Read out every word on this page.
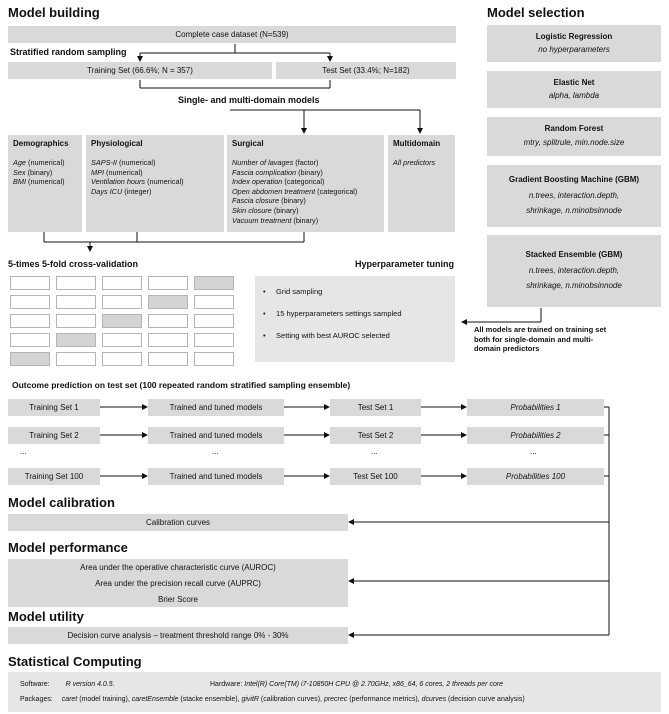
Model building
Complete case dataset (N=539)
Stratified random sampling
Training Set (66.6%; N = 357)	Test Set (33.4%; N=182)
Single- and multi-domain models
Demographics
Age (numerical)
Sex (binary)
BMI (numerical)
Physiological
SAPS-II (numerical)
MPI (numerical)
Ventilation hours (numerical)
Days ICU (integer)
Surgical
Number of lavages (factor)
Fascia complication (binary)
Index operation (categorical)
Open abdomen treatment (categorical)
Fascia closure (binary)
Skin closure (binary)
Vacuum treatment (binary)
Multidomain
All predictors
5-times 5-fold cross-validation	Hyperparameter tuning
•     Grid sampling
•     15 hyperparameters settings sampled
•     Setting with best AUROC selected
All models are trained on training set
both for single-domain and multi-
domain predictors
Model selection
Logistic Regression
no hyperparameters
Elastic Net
alpha, lambda
Random Forest
mtry, splitrule, min.node.size
Gradient Boosting Machine (GBM)
n.trees, interaction.depth,
shrinkage, n.minobsinnode
Stacked Ensemble (GBM)
n.trees, interaction.depth,
shrinkage, n.minobsinnode
Outcome prediction on test set (100 repeated random stratified sampling ensemble)
Training Set 1	Trained and tuned models	Test Set 1	Probabilities 1
Training Set 2	Trained and tuned models	Test Set 2	Probabilities 2
...	...	...	...
Training Set 100	Trained and tuned models	Test Set 100	Probabilities 100
Model calibration
Calibration curves
Model performance
Area under the operative characteristic curve (AUROC)
Area under the precision recall curve (AUPRC)
Brier Score
Model utility
Decision curve analysis – treatment threshold range 0% - 30%
Statistical Computing
Software: R version 4.0.5.	Hardware: Intel(R) Core(TM) i7-10850H CPU @ 2.70GHz, x86_64, 6 cores, 2 threads per core
Packages: caret (model training), caretEnsemble (stacke ensemble), givitR (calibration curves), precrec (performance metrics), dcurves (decision curve analysis)
